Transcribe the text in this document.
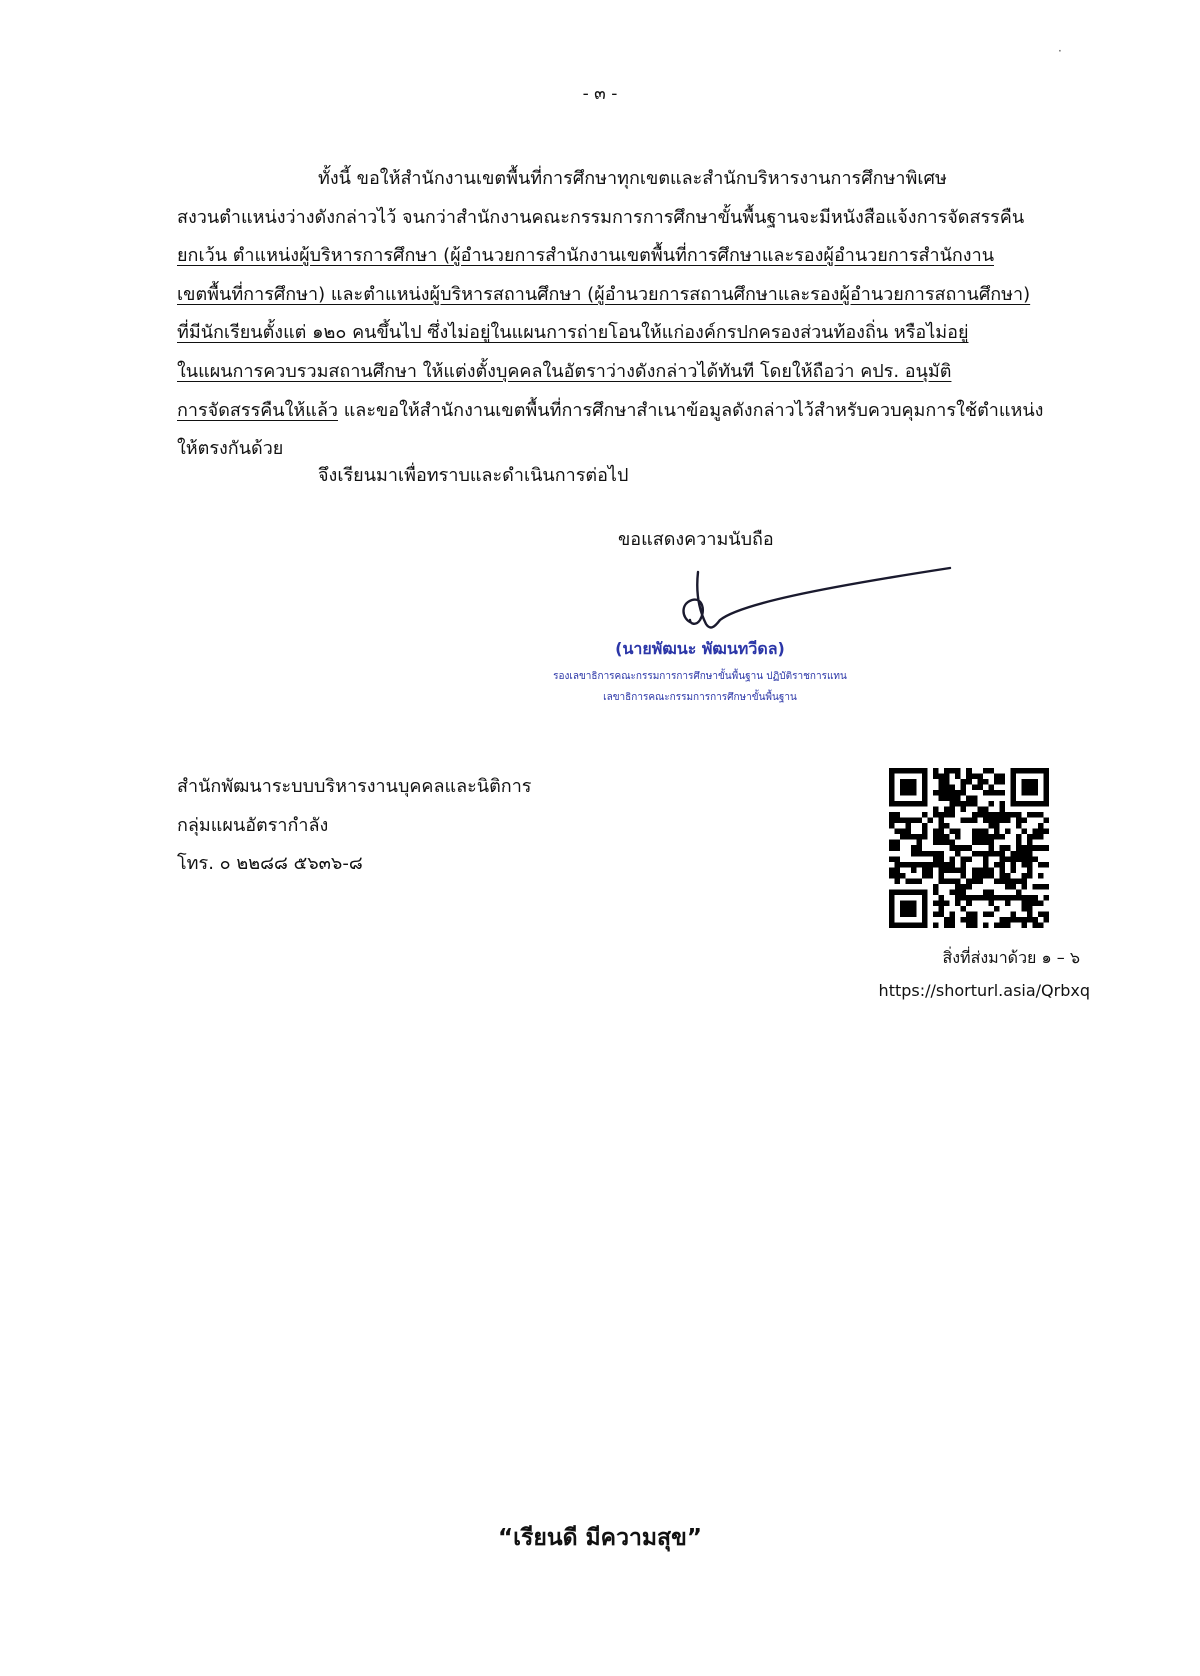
- ๓ -
·
ทั้งนี้ ขอให้สำนักงานเขตพื้นที่การศึกษาทุกเขตและสำนักบริหารงานการศึกษาพิเศษ
สงวนตำแหน่งว่างดังกล่าวไว้ จนกว่าสำนักงานคณะกรรมการการศึกษาขั้นพื้นฐานจะมีหนังสือแจ้งการจัดสรรคืน
ยกเว้น ตำแหน่งผู้บริหารการศึกษา (ผู้อำนวยการสำนักงานเขตพื้นที่การศึกษาและรองผู้อำนวยการสำนักงาน
เขตพื้นที่การศึกษา) และตำแหน่งผู้บริหารสถานศึกษา (ผู้อำนวยการสถานศึกษาและรองผู้อำนวยการสถานศึกษา)
ที่มีนักเรียนตั้งแต่ ๑๒๐ คนขึ้นไป ซึ่งไม่อยู่ในแผนการถ่ายโอนให้แก่องค์กรปกครองส่วนท้องถิ่น หรือไม่อยู่
ในแผนการควบรวมสถานศึกษา ให้แต่งตั้งบุคคลในอัตราว่างดังกล่าวได้ทันที โดยให้ถือว่า คปร. อนุมัติ
การจัดสรรคืนให้แล้ว และขอให้สำนักงานเขตพื้นที่การศึกษาสำเนาข้อมูลดังกล่าวไว้สำหรับควบคุมการใช้ตำแหน่ง
ให้ตรงกันด้วย
จึงเรียนมาเพื่อทราบและดำเนินการต่อไป
ขอแสดงความนับถือ
(นายพัฒนะ พัฒนทวีดล)
รองเลขาธิการคณะกรรมการการศึกษาขั้นพื้นฐาน ปฏิบัติราชการแทน
เลขาธิการคณะกรรมการการศึกษาขั้นพื้นฐาน
สำนักพัฒนาระบบบริหารงานบุคคลและนิติการ
กลุ่มแผนอัตรากำลัง
โทร. ๐ ๒๒๘๘ ๕๖๓๖-๘
สิ่งที่ส่งมาด้วย ๑ – ๖
https://shorturl.asia/Qrbxq
“เรียนดี มีความสุข”
